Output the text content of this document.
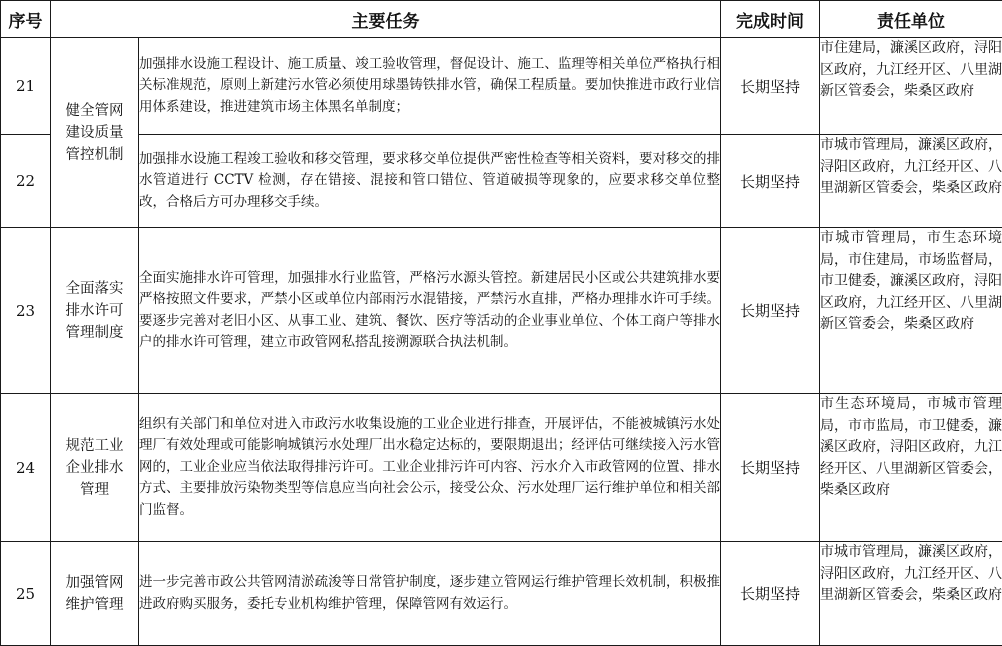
序号	主要任务		完成时间	责任单位
21	健全管网
建设质量
管控机制	加强排水设施工程设计、施工质量、竣工验收管理，督促设计、施工、监理等相关单位严格执行相关标准规范，原则上新建污水管必须使用球墨铸铁排水管，确保工程质量。要加快推进市政行业信用体系建设，推进建筑市场主体黑名单制度；	长期坚持	市住建局，濂溪区政府，浔阳区政府，九江经开区、八里湖新区管委会，柴桑区政府
22		加强排水设施工程竣工验收和移交管理，要求移交单位提供严密性检查等相关资料，要对移交的排水管道进行 CCTV 检测，存在错接、混接和管口错位、管道破损等现象的，应要求移交单位整改，合格后方可办理移交手续。	长期坚持	市城市管理局，濂溪区政府，浔阳区政府，九江经开区、八里湖新区管委会，柴桑区政府
23	全面落实
排水许可
管理制度	全面实施排水许可管理，加强排水行业监管，严格污水源头管控。新建居民小区或公共建筑排水要严格按照文件要求，严禁小区或单位内部雨污水混错接，严禁污水直排，严格办理排水许可手续。要逐步完善对老旧小区、从事工业、建筑、餐饮、医疗等活动的企业事业单位、个体工商户等排水户的排水许可管理，建立市政管网私搭乱接溯源联合执法机制。	长期坚持	市城市管理局，市生态环境局，市住建局，市场监督局，市卫健委，濂溪区政府，浔阳区政府，九江经开区、八里湖新区管委会，柴桑区政府
24	规范工业
企业排水
管理	组织有关部门和单位对进入市政污水收集设施的工业企业进行排查，开展评估，不能被城镇污水处理厂有效处理或可能影响城镇污水处理厂出水稳定达标的，要限期退出；经评估可继续接入污水管网的，工业企业应当依法取得排污许可。工业企业排污许可内容、污水介入市政管网的位置、排水方式、主要排放污染物类型等信息应当向社会公示，接受公众、污水处理厂运行维护单位和相关部门监督。	长期坚持	市生态环境局，市城市管理局，市市监局，市卫健委，濂溪区政府，浔阳区政府，九江经开区、八里湖新区管委会，柴桑区政府
25	加强管网
维护管理	进一步完善市政公共管网清淤疏浚等日常管护制度，逐步建立管网运行维护管理长效机制，积极推进政府购买服务，委托专业机构维护管理，保障管网有效运行。	长期坚持	市城市管理局，濂溪区政府，浔阳区政府，九江经开区、八里湖新区管委会，柴桑区政府
